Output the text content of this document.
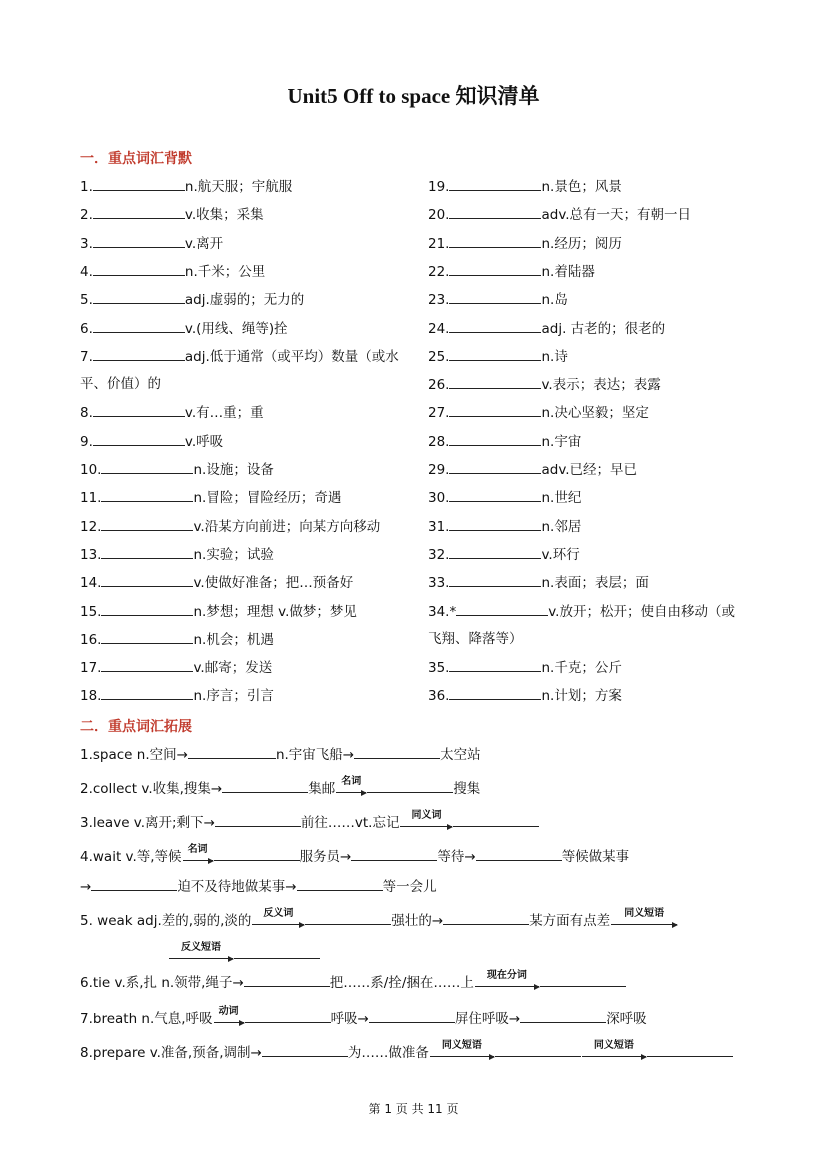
Unit5 Off to space 知识清单
一．重点词汇背默
1.	n.航天服；宇航服
2.	v.收集；采集
3.	v.离开
4.	n.千米；公里
5.	adj.虚弱的；无力的
6.	v.(用线、绳等)拴
7.	adj.低于通常（或平均）数量（或水
平、价值）的
8.	v.有…重；重
9.	v.呼吸
10.	n.设施；设备
11.	n.冒险；冒险经历；奇遇
12.	v.沿某方向前进；向某方向移动
13.	n.实验；试验
14.	v.使做好准备；把…预备好
15.	n.梦想；理想 v.做梦；梦见
16.	n.机会；机遇
17.	v.邮寄；发送
18.	n.序言；引言
19.	n.景色；风景
20.	adv.总有一天；有朝一日
21.	n.经历；阅历
22.	n.着陆器
23.	n.岛
24.	adj. 古老的；很老的
25.	n.诗
26.	v.表示；表达；表露
27.	n.决心坚毅；坚定
28.	n.宇宙
29.	adv.已经；早已
30.	n.世纪
31.	n.邻居
32.	v.环行
33.	n.表面；表层；面
34.*	v.放开；松开；使自由移动（或
飞翔、降落等）
35.	n.千克；公斤
36.	n.计划；方案
二．重点词汇拓展
1.space n.空间→	n.宇宙飞船→	太空站
2.collect v.收集,搜集→	集邮 名词	搜集
3.leave v.离开;剩下→	前往……vt.忘记	同义词
4.wait v.等,等候 名词	服务员→	等待→	等候做某事
→	迫不及待地做某事→	等一会儿
5. weak adj.差的,弱的,淡的	反义词	强壮的→	某方面有点差	同义短语
反义短语
6.tie v.系,扎 n.领带,绳子→	把……系/拴/捆在……上	现在分词
7.breath n.气息,呼吸 动词	呼吸→	屏住呼吸→	深呼吸
8.prepare v.准备,预备,调制→	为……做准备	同义短语	同义短语
第 1 页 共 11 页
